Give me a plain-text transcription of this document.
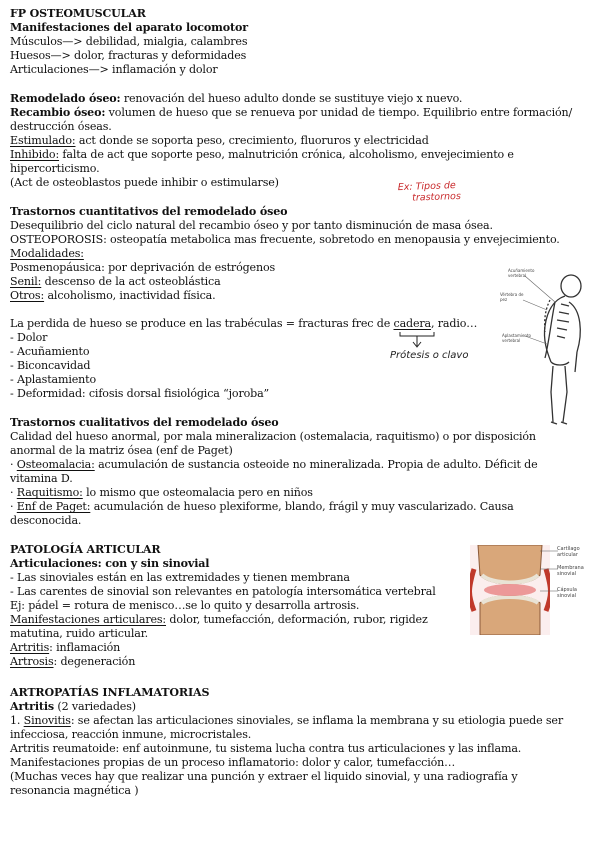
FP OSTEOMUSCULAR
Manifestaciones del aparato locomotor
Músculos—> debilidad, mialgia, calambres
Huesos—> dolor, fracturas y deformidades
Articulaciones—> inflamación y dolor
Remodelado óseo: renovación del hueso adulto donde se sustituye viejo x nuevo.
Recambio óseo: volumen de hueso que se renueva por unidad de tiempo. Equilibrio entre formación/
destrucción óseas.
Estimulado: act donde se soporta peso, crecimiento, fluoruros y electricidad
Inhibido: falta de act que soporte peso, malnutrición crónica, alcoholismo, envejecimiento e
hipercorticismo.
(Act de osteoblastos puede inhibir o estimularse)	Ex: Tipos de
trastornos
Trastornos cuantitativos del remodelado óseo
Desequilibrio del ciclo natural del recambio óseo y por tanto disminución de masa ósea.
OSTEOPOROSIS: osteopatía metabolica mas frecuente, sobretodo en menopausia y envejecimiento.
Modalidades:
Posmenopáusica: por deprivación de estrógenos
Senil: descenso de la act osteoblástica
Otros: alcoholismo, inactividad física.
La perdida de hueso se produce en las trabéculas = fracturas frec de cadera, radio…
Prótesis o clavo
- Dolor
- Acuñamiento
- Biconcavidad
- Aplastamiento
- Deformidad: cifosis dorsal fisiológica “joroba”
Acuñamiento vertebral
Vértebra de pez
Aplastamiento vertebral
Trastornos cualitativos del remodelado óseo
Calidad del hueso anormal, por mala mineralizacion (ostemalacia, raquitismo) o por disposición
anormal de la matriz ósea (enf de Paget)
· Osteomalacia: acumulación de sustancia osteoide no mineralizada. Propia de adulto. Déficit de
vitamina D.
· Raquitismo: lo mismo que osteomalacia pero en niños
· Enf de Paget: acumulación de hueso plexiforme, blando, frágil y muy vascularizado. Causa
desconocida.
PATOLOGÍA ARTICULAR
Articulaciones: con y sin sinovial
- Las sinoviales están en las extremidades y tienen membrana
- Las carentes de sinovial son relevantes en patología intersomática vertebral
Ej: pádel = rotura de menisco…se lo quito y desarrolla artrosis.
Manifestaciones articulares: dolor, tumefacción, deformación, rubor, rigidez
matutina, ruido articular.
Artritis: inflamación
Artrosis: degeneración
Cartílago articular
Membrana sinovial
Cápsula sinovial
ARTROPATÍAS INFLAMATORIAS
Artritis (2 variedades)
1. Sinovitis: se afectan las articulaciones sinoviales, se inflama la membrana y su etiologia puede ser
infecciosa, reacción inmune, microcristales.
Artritis reumatoide: enf autoinmune, tu sistema lucha contra tus articulaciones y las inflama.
Manifestaciones propias de un proceso inflamatorio: dolor y calor, tumefacción…
(Muchas veces hay que realizar una punción y extraer el liquido sinovial, y una radiografía y
resonancia magnética )
